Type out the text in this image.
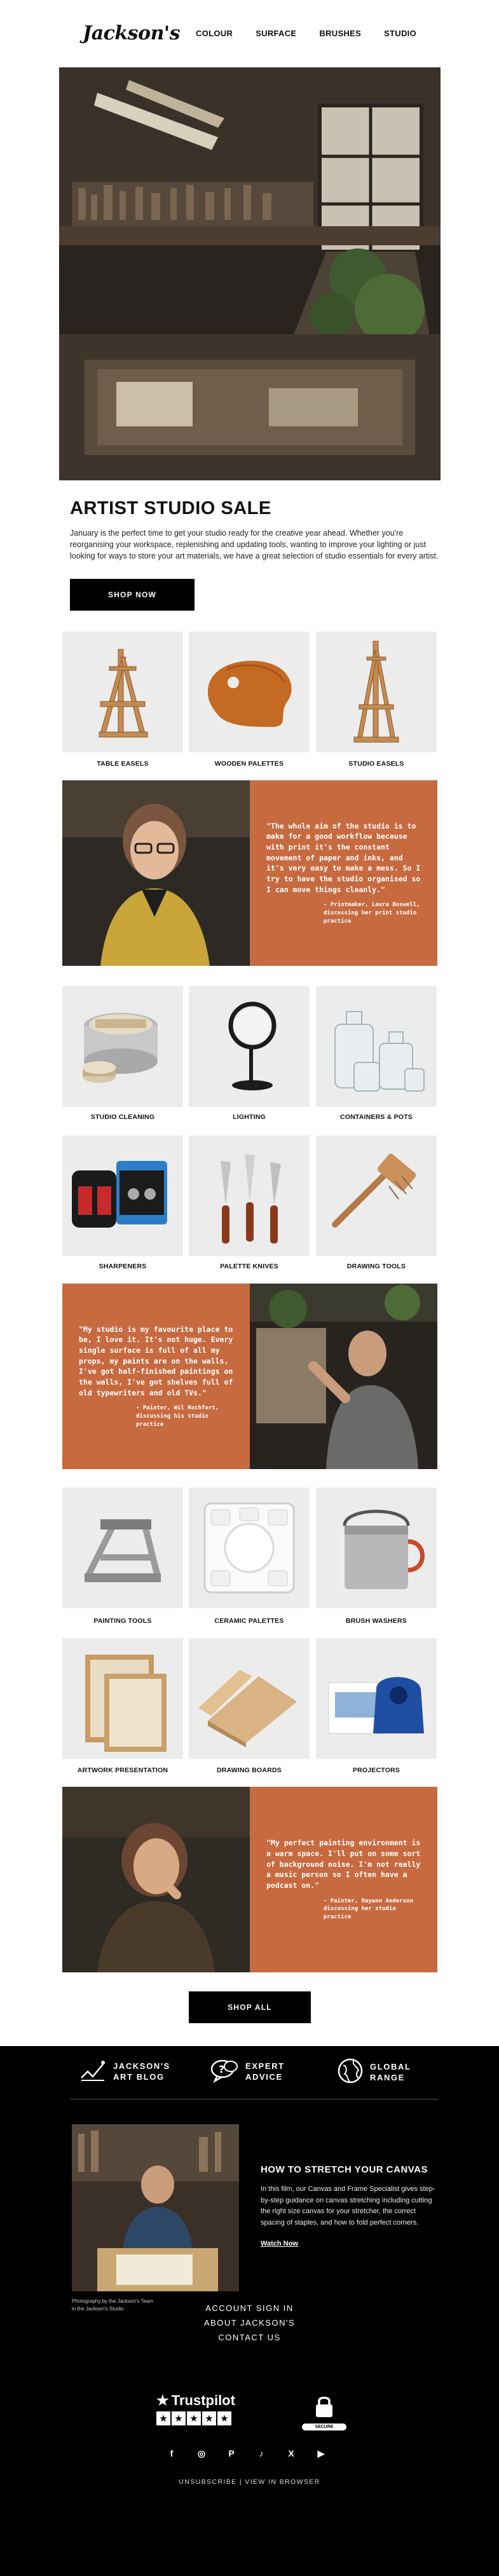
Jackson's COLOUR	SURFACE	BRUSHES	STUDIO
ARTIST STUDIO SALE

January is the perfect time to get your studio ready for the creative year ahead. Whether you're reorganising your workspace, replenishing and updating tools, wanting to improve your lighting or just looking for ways to store your art materials, we have a great selection of studio essentials for every artist.

SHOP NOW
TABLE EASELS	WOODEN PALETTES	STUDIO EASELS
"The whole aim of the studio is to make for a good workflow because with print it's the constant movement of paper and inks, and it's very easy to make a mess. So I try to have the studio organised so I can move things cleanly."
- Printmaker, Laura Boswell, discussing her print studio practice
STUDIO CLEANING	LIGHTING	CONTAINERS & POTS
SHARPENERS	PALETTE KNIVES	DRAWING TOOLS
"My studio is my favourite place to be, I love it. It's not huge. Every single surface is full of all my props, my paints are on the walls, I've got half-finished paintings on the walls, I've got shelves full of old typewriters and old TVs."
- Painter, Wil Rochfort, discussing his studio practice
PAINTING TOOLS	CERAMIC PALETTES	BRUSH WASHERS
ARTWORK PRESENTATION	DRAWING BOARDS	PROJECTORS
"My perfect painting environment is a warm space. I'll put on some sort of background noise. I'm not really a music person so I often have a podcast on."
- Painter, Rayann Anderson discussing her studio practice
SHOP ALL
JACKSON'S
ART BLOG
?	EXPERT
ADVICE
GLOBAL
RANGE
Photography by the Jackson's Team
in the Jackson's Studio
HOW TO STRETCH YOUR CANVAS

In this film, our Canvas and Frame Specialist gives step-by-step guidance on canvas stretching including cutting the right size canvas for your stretcher, the correct spacing of staples, and how to fold perfect corners.

Watch Now
ACCOUNT SIGN IN
ABOUT JACKSON'S
CONTACT US
★ Trustpilot
★ ★ ★ ★ ★
SECURE
f	◎	P	♪	X	▶
UNSUBSCRIBE | VIEW IN BROWSER
